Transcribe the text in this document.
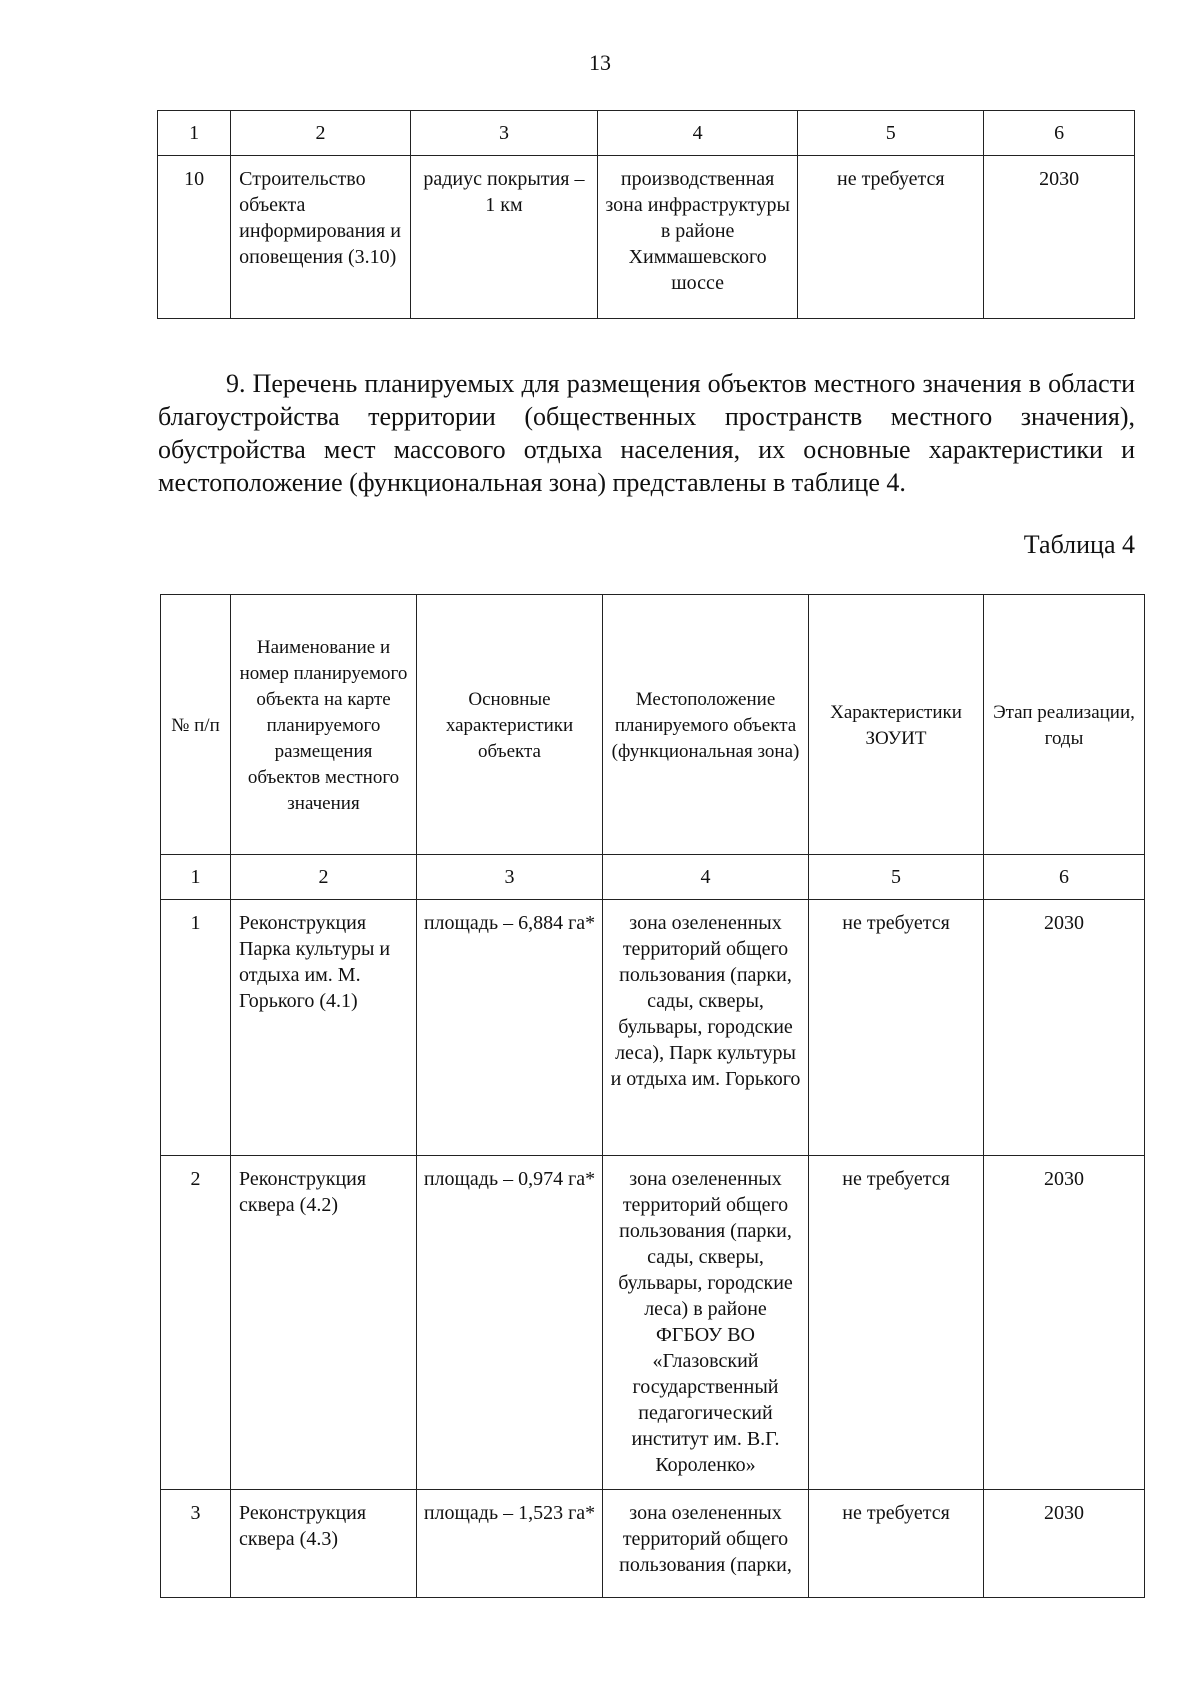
13
1	2	3	4	5	6
10	Строительство объекта информирования и оповещения (3.10)	радиус покрытия – 1 км	производственная зона инфраструктуры в районе Химмашевского шоссе	не требуется	2030
9. Перечень планируемых для размещения объектов местного значения в области благоустройства территории (общественных пространств местного значения), обустройства мест массового отдыха населения, их основные характеристики и местоположение (функциональная зона) представлены в таблице 4.
Таблица 4
№ п/п	Наименование и номер планируемого объекта на карте планируемого размещения объектов местного значения	Основные характеристики объекта	Местоположение планируемого объекта (функциональная зона)	Характеристики ЗОУИТ	Этап реализации, годы
1	2	3	4	5	6
1	Реконструкция Парка культуры и отдыха им. М. Горького (4.1)	площадь – 6,884 га*	зона озелененных территорий общего пользования (парки, сады, скверы, бульвары, городские леса), Парк культуры и отдыха им. Горького	не требуется	2030
2	Реконструкция сквера (4.2)	площадь – 0,974 га*	зона озелененных территорий общего пользования (парки, сады, скверы, бульвары, городские леса) в районе ФГБОУ ВО «Глазовский государственный педагогический институт им. В.Г. Короленко»	не требуется	2030
3	Реконструкция сквера (4.3)	площадь – 1,523 га*	зона озелененных территорий общего пользования (парки,	не требуется	2030
